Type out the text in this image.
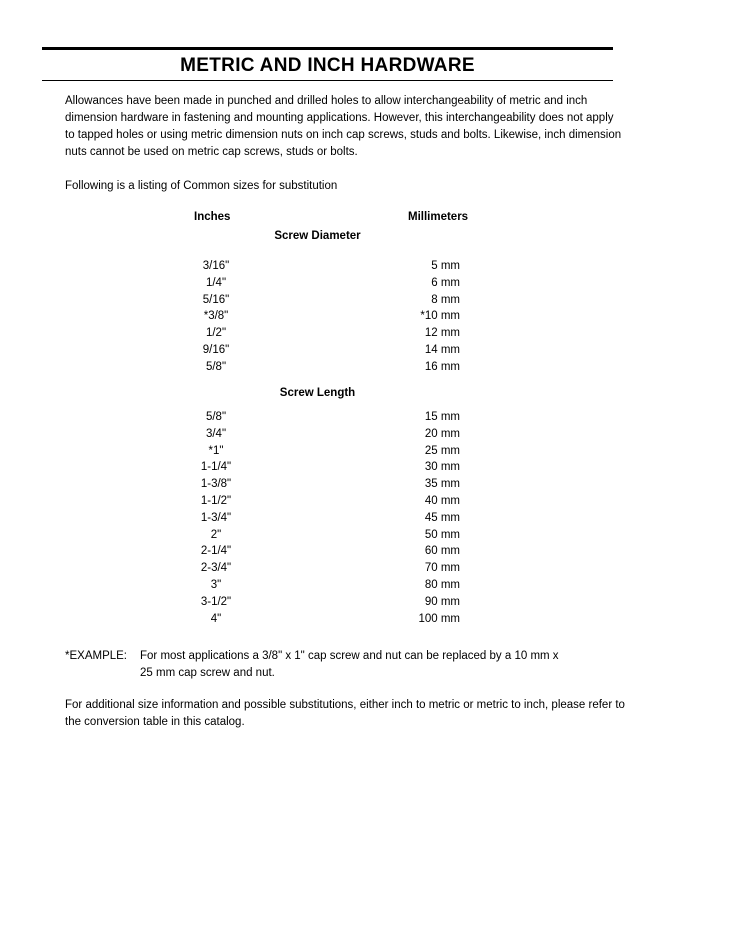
METRIC AND INCH HARDWARE

Allowances have been made in punched and drilled holes to allow interchangeability of metric and inch dimension hardware in fastening and mounting applications. However, this interchangeability does not apply to tapped holes or using metric dimension nuts on inch cap screws, studs and bolts. Likewise, inch dimension nuts cannot be used on metric cap screws, studs or bolts.

Following is a listing of Common sizes for substitution

Inches	Millimeters
Screw Diameter
3/16"	5 mm
1/4"	6 mm
5/16"	8 mm
*3/8"	*10 mm
1/2"	12 mm
9/16"	14 mm
5/8"	16 mm
Screw Length
5/8"	15 mm
3/4"	20 mm
*1"	25 mm
1-1/4"	30 mm
1-3/8"	35 mm
1-1/2"	40 mm
1-3/4"	45 mm
2"	50 mm
2-1/4"	60 mm
2-3/4"	70 mm
3"	80 mm
3-1/2"	90 mm
4"	100 mm
*EXAMPLE: For most applications a 3/8" x 1" cap screw and nut can be replaced by a 10 mm x 25 mm cap screw and nut.

For additional size information and possible substitutions, either inch to metric or metric to inch, please refer to the conversion table in this catalog.
